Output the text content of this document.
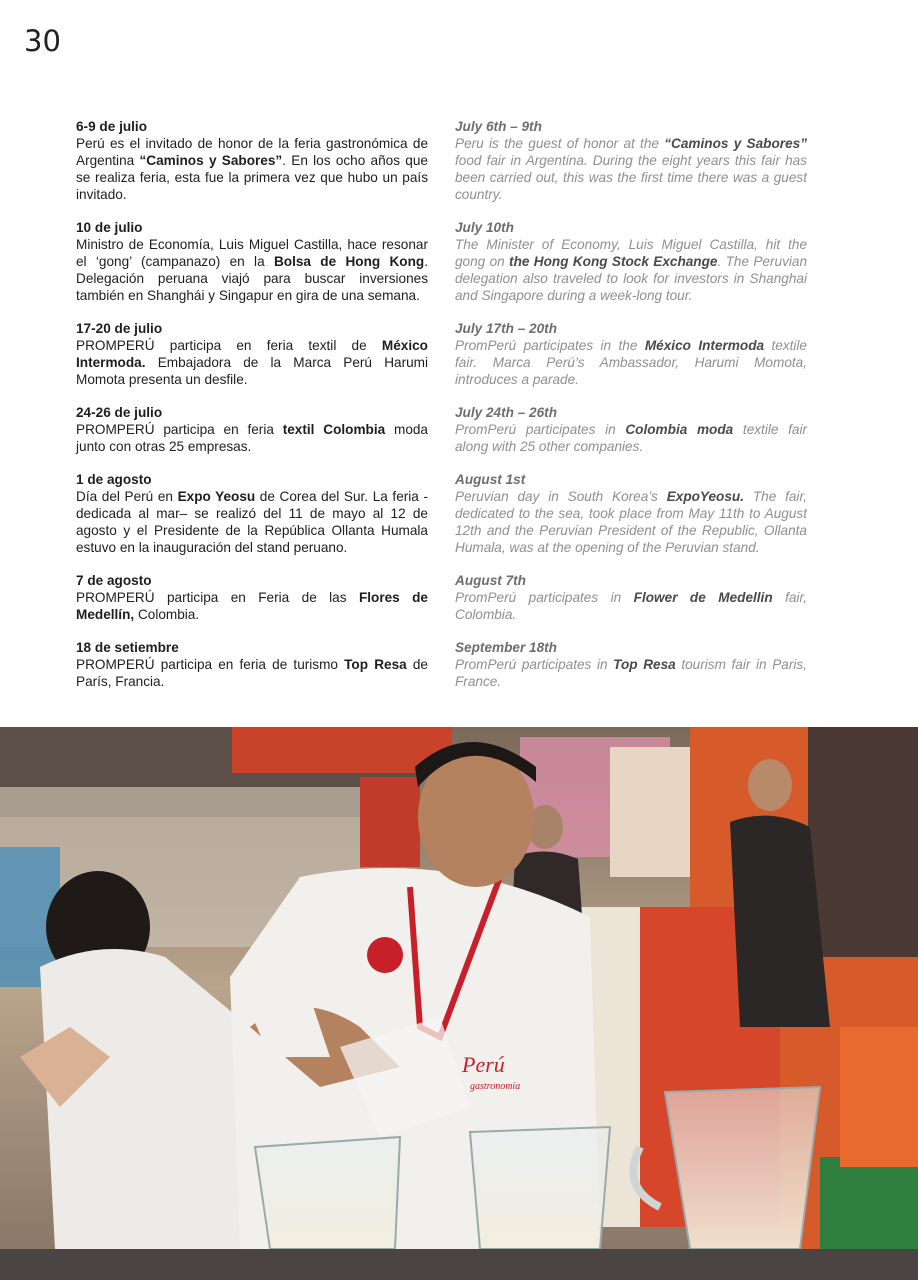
30
6-9 de julio

Perú es el invitado de honor de la feria gastronómica de Argentina “Caminos y Sabores”. En los ocho años que se realiza feria, esta fue la primera vez que hubo un país invitado.

10 de julio

Ministro de Economía, Luis Miguel Castilla, hace resonar el ‘gong’ (campanazo) en la Bolsa de Hong Kong. Delegación peruana viajó para buscar inversiones también en Shanghái y Singapur en gira de una semana.

17-20 de julio

PROMPERÚ participa en feria textil de México Intermoda. Embajadora de la Marca Perú Harumi Momota presenta un desfile.

24-26 de julio

PROMPERÚ participa en feria textil Colombia moda junto con otras 25 empresas.

1 de agosto

Día del Perú en Expo Yeosu de Corea del Sur. La feria -dedicada al mar– se realizó del 11 de mayo al 12 de agosto y el Presidente de la República Ollanta Humala estuvo en la inauguración del stand peruano.

7 de agosto

PROMPERÚ participa en Feria de las Flores de Medellín, Colombia.

18 de setiembre

PROMPERÚ participa en feria de turismo Top Resa de París, Francia.

July 6th – 9th

Peru is the guest of honor at the “Caminos y Sabores” food fair in Argentina. During the eight years this fair has been carried out, this was the first time there was a guest country.

July 10th

The Minister of Economy, Luis Miguel Castilla, hit the gong on the Hong Kong Stock Exchange. The Peruvian delegation also traveled to look for investors in Shanghai and Singapore during a week-long tour.

July 17th – 20th

PromPerú participates in the México Intermoda textile fair. Marca Perú’s Ambassador, Harumi Momota, introduces a parade.

July 24th – 26th

PromPerú participates in Colombia moda textile fair along with 25 other companies.

August 1st

Peruvian day in South Korea’s ExpoYeosu. The fair, dedicated to the sea, took place from May 11th to August 12th and the Peruvian President of the Republic, Ollanta Humala, was at the opening of the Peruvian stand.

August 7th

PromPerú participates in Flower de Medellin fair, Colombia.

September 18th

PromPerú participates in Top Resa tourism fair in Paris, France.

Perú
gastronomía
